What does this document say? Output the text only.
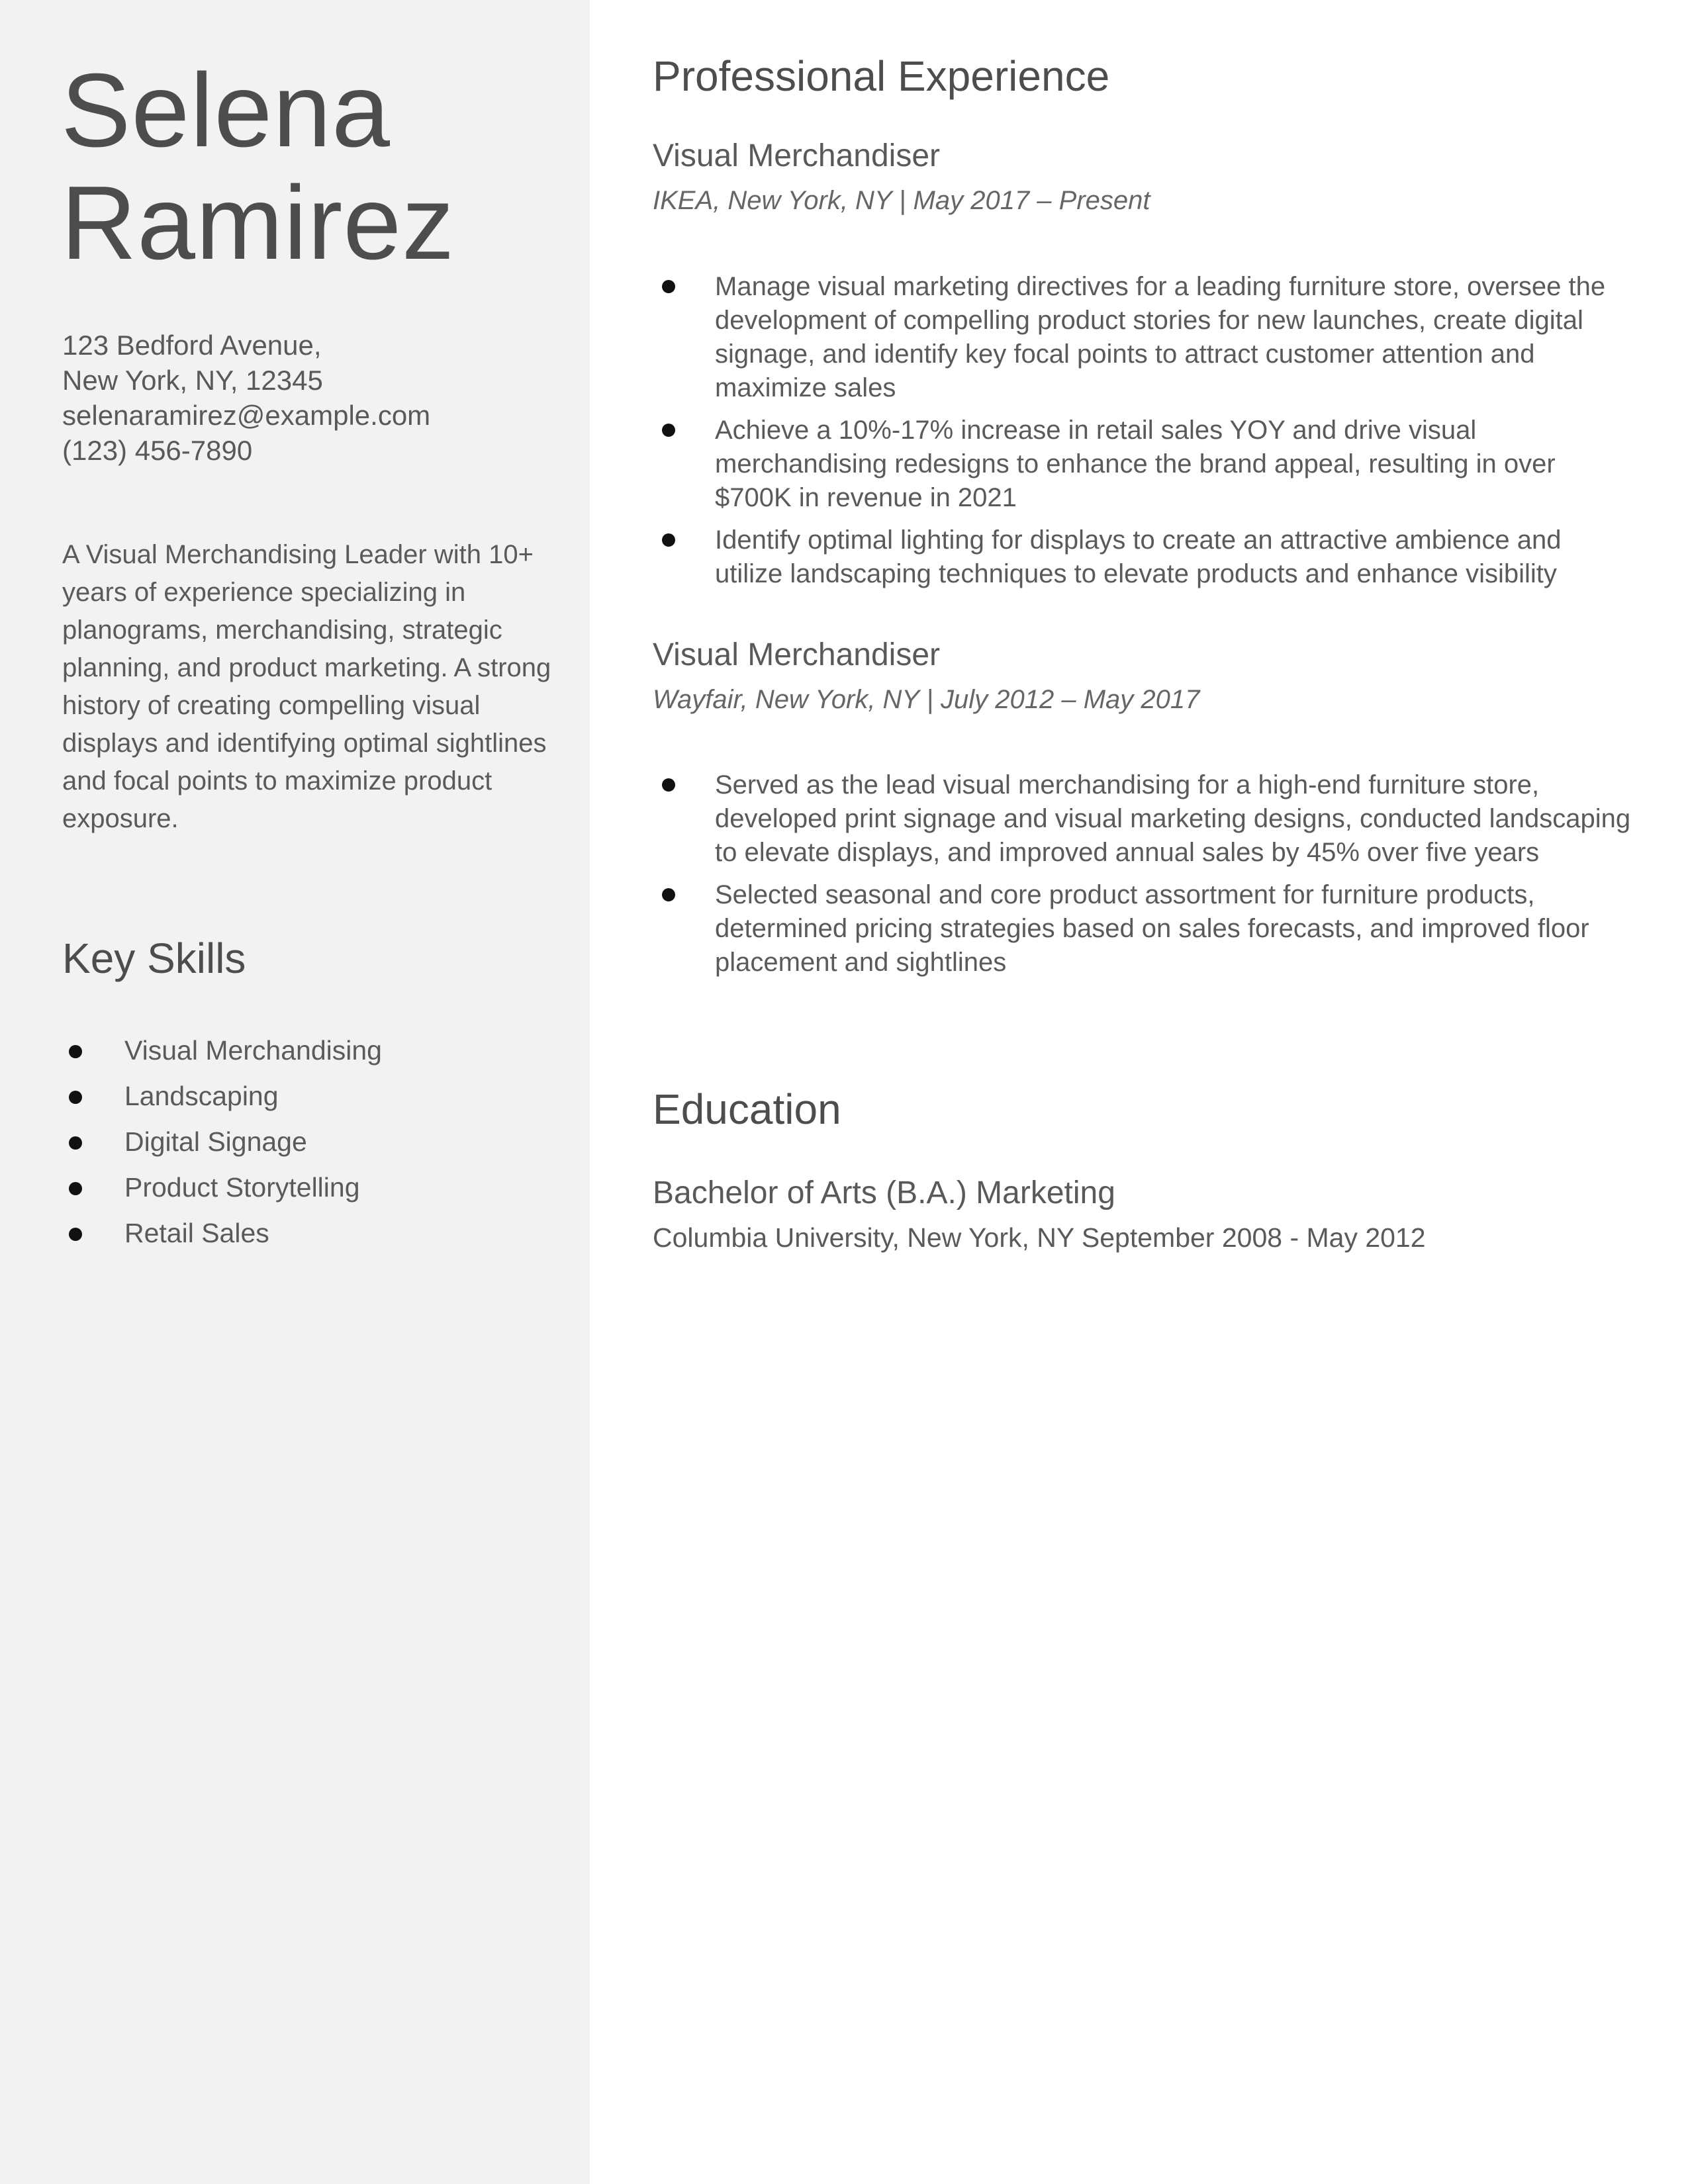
Selena
Ramirez
123 Bedford Avenue,
New York, NY, 12345
selenaramirez@example.com
(123) 456-7890

A Visual Merchandising Leader with 10+ years of experience specializing in planograms, merchandising, strategic planning, and product marketing. A strong history of creating compelling visual displays and identifying optimal sightlines and focal points to maximize product exposure.

Key Skills
Visual Merchandising
Landscaping
Digital Signage
Product Storytelling
Retail Sales
Professional Experience
Visual Merchandiser

IKEA, New York, NY | May 2017 – Present

Manage visual marketing directives for a leading furniture store, oversee the development of compelling product stories for new launches, create digital signage, and identify key focal points to attract customer attention and maximize sales
Achieve a 10%-17% increase in retail sales YOY and drive visual merchandising redesigns to enhance the brand appeal, resulting in over $700K in revenue in 2021
Identify optimal lighting for displays to create an attractive ambience and utilize landscaping techniques to elevate products and enhance visibility
Visual Merchandiser

Wayfair, New York, NY | July 2012 – May 2017

Served as the lead visual merchandising for a high-end furniture store, developed print signage and visual marketing designs, conducted landscaping to elevate displays, and improved annual sales by 45% over five years
Selected seasonal and core product assortment for furniture products, determined pricing strategies based on sales forecasts, and improved floor placement and sightlines
Education
Bachelor of Arts (B.A.) Marketing

Columbia University, New York, NY September 2008 - May 2012
